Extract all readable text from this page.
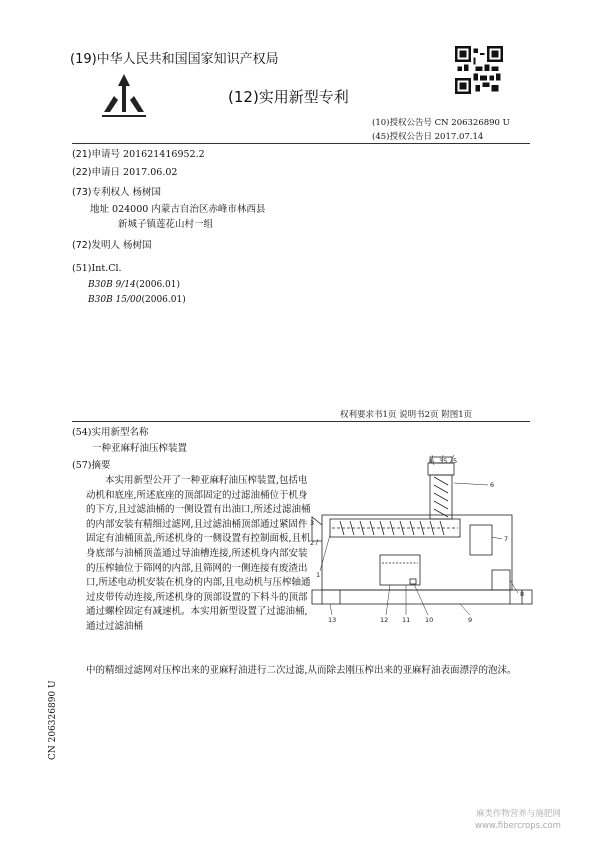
(19)中华人民共和国国家知识产权局
(12)实用新型专利
(10)授权公告号 CN 206326890 U
(45)授权公告日 2017.07.14
(21)申请号 201621416952.2
(22)申请日 2017.06.02
(73)专利权人 杨树国
地址 024000 内蒙古自治区赤峰市林西县
新城子镇莲花山村一组
(72)发明人 杨树国
(51)Int.Cl.
B30B 9/14(2006.01)
B30B 15/00(2006.01)
权利要求书1页 说明书2页 附图1页
(54)实用新型名称
一种亚麻籽油压榨装置
(57)摘要
本实用新型公开了一种亚麻籽油压榨装置,包括电动机和底座,所述底座的顶部固定的过滤油桶位于机身的下方,且过滤油桶的一侧设置有出油口,所述过滤油桶的内部安装有精细过滤网,且过滤油桶顶部通过紧固件固定有油桶顶盖,所述机身的一侧设置有控制面板,且机身底部与油桶顶盖通过导油槽连接,所述机身内部安装的压榨轴位于筛网的内部,且筛网的一侧连接有废渣出口,所述电动机安装在机身的内部,且电动机与压榨轴通过皮带传动连接,所述机身的顶部设置的下料斗的顶部通过螺栓固定有减速机。本实用新型设置了过滤油桶,通过过滤油桶
中的精细过滤网对压榨出来的亚麻籽油进行二次过滤,从而除去刚压榨出来的亚麻籽油表面漂浮的泡沫。
4 35 5
6
7
8
3
2
1
13	12 11 10	9
CN 206326890 U
麻类作物营养与施肥网
www.fibercrops.com
